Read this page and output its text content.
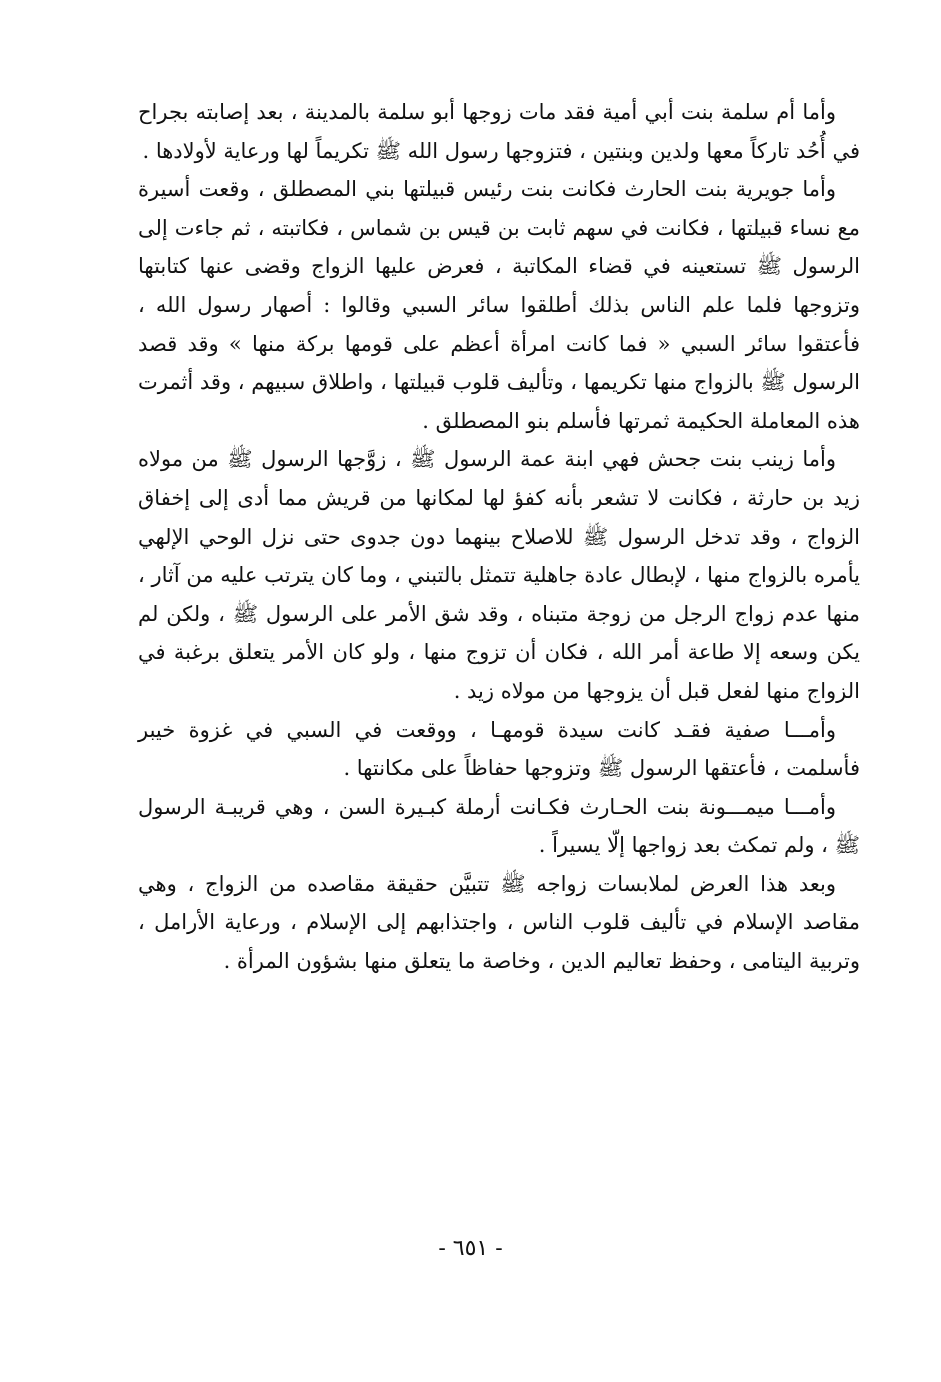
وأما أم سلمة بنت أبي أمية فقد مات زوجها أبو سلمة بالمدينة ، بعد إصابته بجراح في أُحُد تاركاً معها ولدين وبنتين ، فتزوجها رسول الله ﷺ تكريماً لها ورعاية لأولادها .

وأما جويرية بنت الحارث فكانت بنت رئيس قبيلتها بني المصطلق ، وقعت أسيرة مع نساء قبيلتها ، فكانت في سهم ثابت بن قيس بن شماس ، فكاتبته ، ثم جاءت إلى الرسول ﷺ تستعينه في قضاء المكاتبة ، فعرض عليها الزواج وقضى عنها كتابتها وتزوجها فلما علم الناس بذلك أطلقوا سائر السبي وقالوا : أصهار رسول الله ، فأعتقوا سائر السبي « فما كانت امرأة أعظم على قومها بركة منها » وقد قصد الرسول ﷺ بالزواج منها تكريمها ، وتأليف قلوب قبيلتها ، واطلاق سبيهم ، وقد أثمرت هذه المعاملة الحكيمة ثمرتها فأسلم بنو المصطلق .

وأما زينب بنت جحش فهي ابنة عمة الرسول ﷺ ، زوَّجها الرسول ﷺ من مولاه زيد بن حارثة ، فكانت لا تشعر بأنه كفؤ لها لمكانها من قريش مما أدى إلى إخفاق الزواج ، وقد تدخل الرسول ﷺ للاصلاح بينهما دون جدوى حتى نزل الوحي الإلهي يأمره بالزواج منها ، لإبطال عادة جاهلية تتمثل بالتبني ، وما كان يترتب عليه من آثار ، منها عدم زواج الرجل من زوجة متبناه ، وقد شق الأمر على الرسول ﷺ ، ولكن لم يكن وسعه إلا طاعة أمر الله ، فكان أن تزوج منها ، ولو كان الأمر يتعلق برغبة في الزواج منها لفعل قبل أن يزوجها من مولاه زيد .

وأمـــا صفية فقـد كانت سيدة قومهـا ، ووقعت في السبي في غزوة خيبر فأسلمت ، فأعتقها الرسول ﷺ وتزوجها حفاظاً على مكانتها .

وأمـــا ميمـــونة بنت الحـارث فكـانت أرملة كبـيرة السن ، وهي قريبـة الرسول ﷺ ، ولم تمكث بعد زواجها إلّا يسيراً .

وبعد هذا العرض لملابسات زواجه ﷺ تتبيَّن حقيقة مقاصده من الزواج ، وهي مقاصد الإسلام في تأليف قلوب الناس ، واجتذابهم إلى الإسلام ، ورعاية الأرامل ، وتربية اليتامى ، وحفظ تعاليم الدين ، وخاصة ما يتعلق منها بشؤون المرأة .

- ٦٥١ -
